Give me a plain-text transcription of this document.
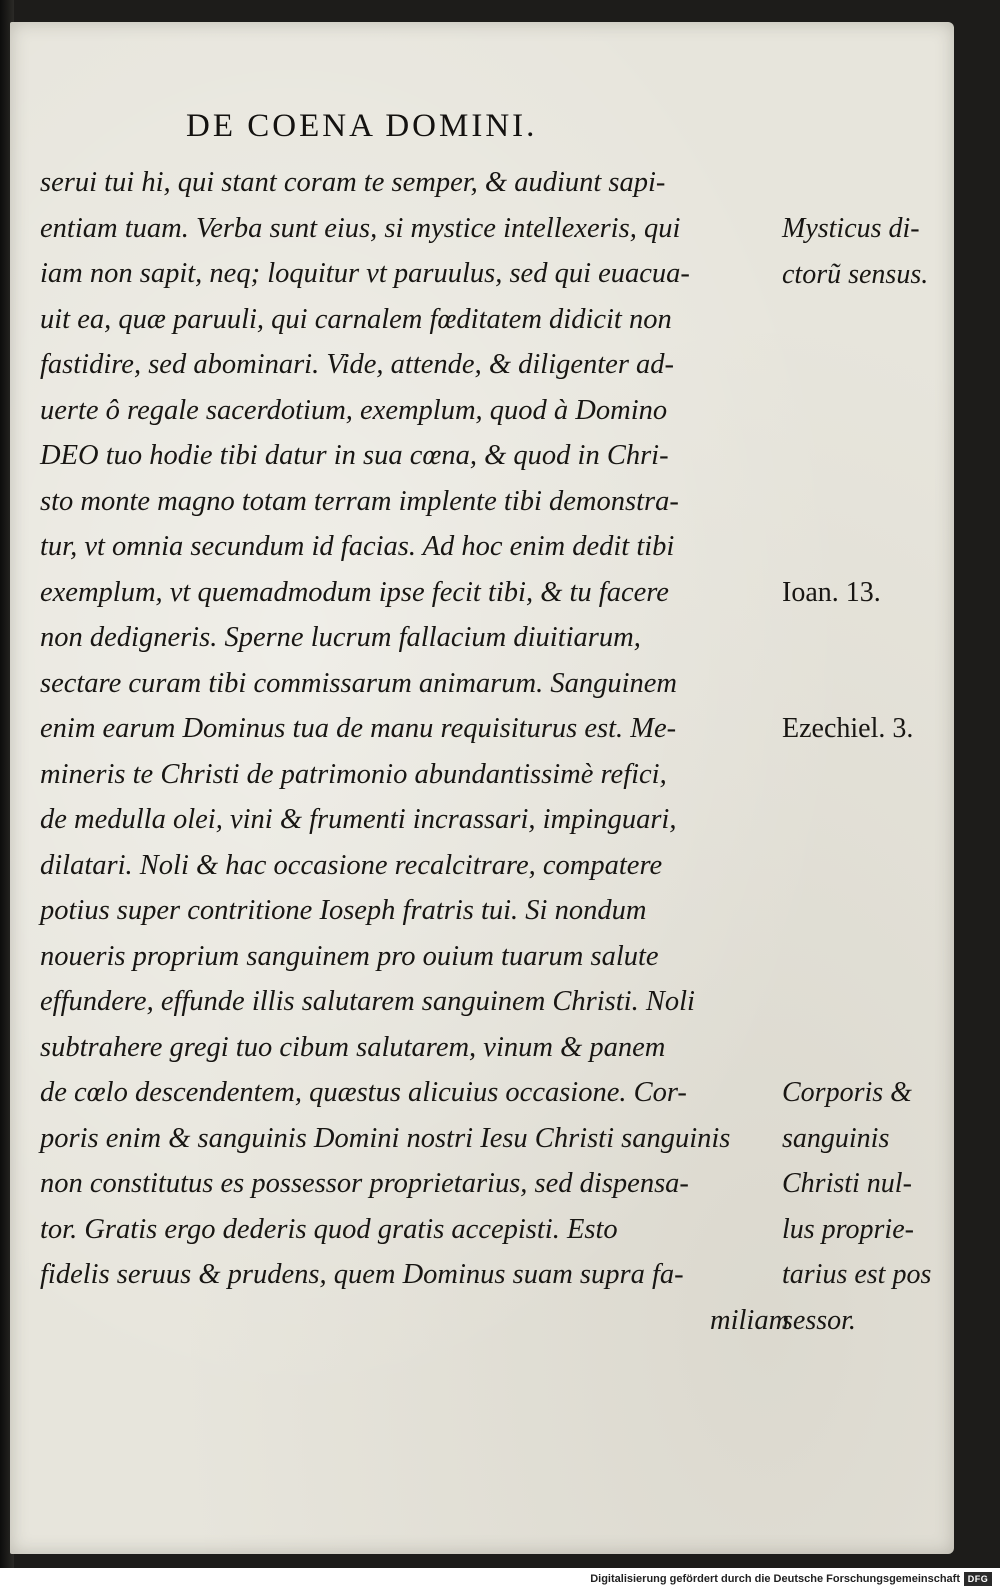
DE COENA DOMINI.
serui tui hi, qui stant coram te semper, & audiunt sapi-
entiam tuam. Verba sunt eius, si mystice intellexeris, qui
iam non sapit, neq; loquitur vt paruulus, sed qui euacua-
uit ea, quæ paruuli, qui carnalem fœditatem didicit non
fastidire, sed abominari. Vide, attende, & diligenter ad-
uerte ô regale sacerdotium, exemplum, quod à Domino
DEO tuo hodie tibi datur in sua cœna, & quod in Chri-
sto monte magno totam terram implente tibi demonstra-
tur, vt omnia secundum id facias. Ad hoc enim dedit tibi
exemplum, vt quemadmodum ipse fecit tibi, & tu facere
non dedigneris. Sperne lucrum fallacium diuitiarum,
sectare curam tibi commissarum animarum. Sanguinem
enim earum Dominus tua de manu requisiturus est. Me-
mineris te Christi de patrimonio abundantissimè refici,
de medulla olei, vini & frumenti incrassari, impinguari,
dilatari. Noli & hac occasione recalcitrare, compatere
potius super contritione Ioseph fratris tui. Si nondum
noueris proprium sanguinem pro ouium tuarum salute
effundere, effunde illis salutarem sanguinem Christi. Noli
subtrahere gregi tuo cibum salutarem, vinum & panem
de cœlo descendentem, quæstus alicuius occasione. Cor-
poris enim & sanguinis Domini nostri Iesu Christi sanguinis
non constitutus es possessor proprietarius, sed dispensa-
tor. Gratis ergo dederis quod gratis accepisti. Esto
fidelis seruus & prudens, quem Dominus suam supra fa-
miliam
Mysticus di-
ctorũ sensus.
Ioan. 13.
Ezechiel. 3.
Corporis &
sanguinis
Christi nul-
lus proprie-
tarius est pos
sessor.
Digitalisierung gefördert durch die Deutsche Forschungsgemeinschaft DFG
